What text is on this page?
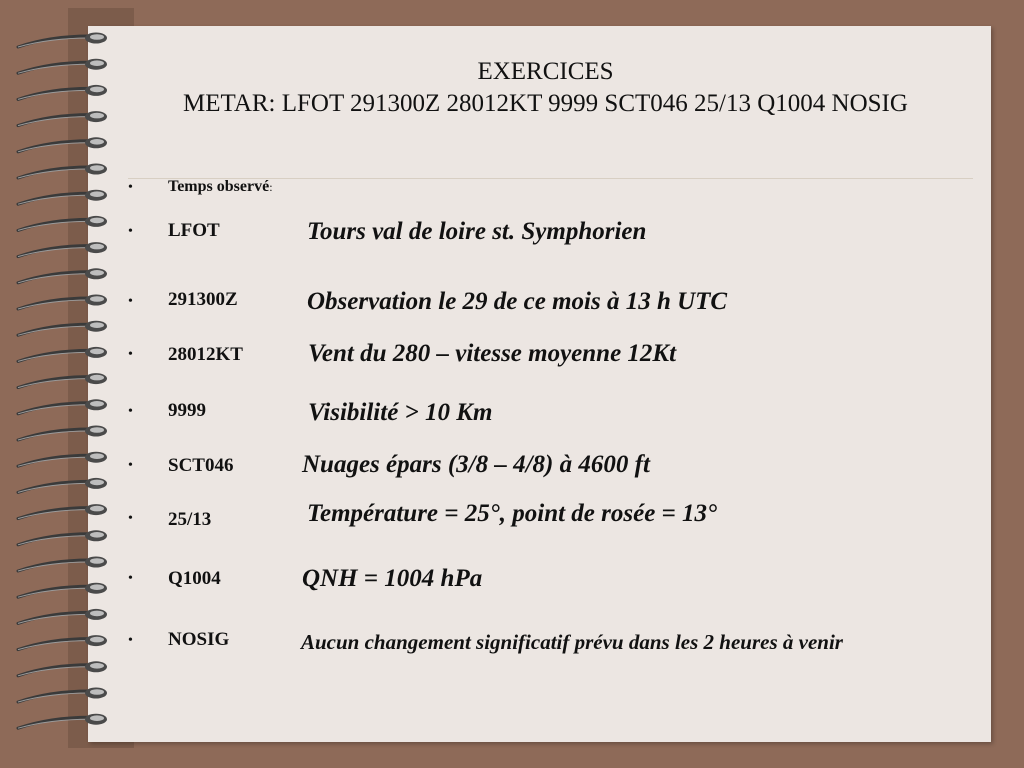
EXERCICES
METAR: LFOT 291300Z 28012KT 9999 SCT046 25/13 Q1004 NOSIG
• Temps observé:
• LFOT	Tours val de loire st. Symphorien
• 291300Z	Observation le 29 de ce mois à 13 h UTC
• 28012KT	Vent du 280 – vitesse moyenne 12Kt
• 9999	Visibilité > 10 Km
• SCT046	Nuages épars (3/8 – 4/8) à 4600 ft
• 25/13	Température = 25°, point de rosée = 13°
• Q1004	QNH = 1004 hPa
• NOSIG	Aucun changement significatif prévu dans les 2 heures à venir
